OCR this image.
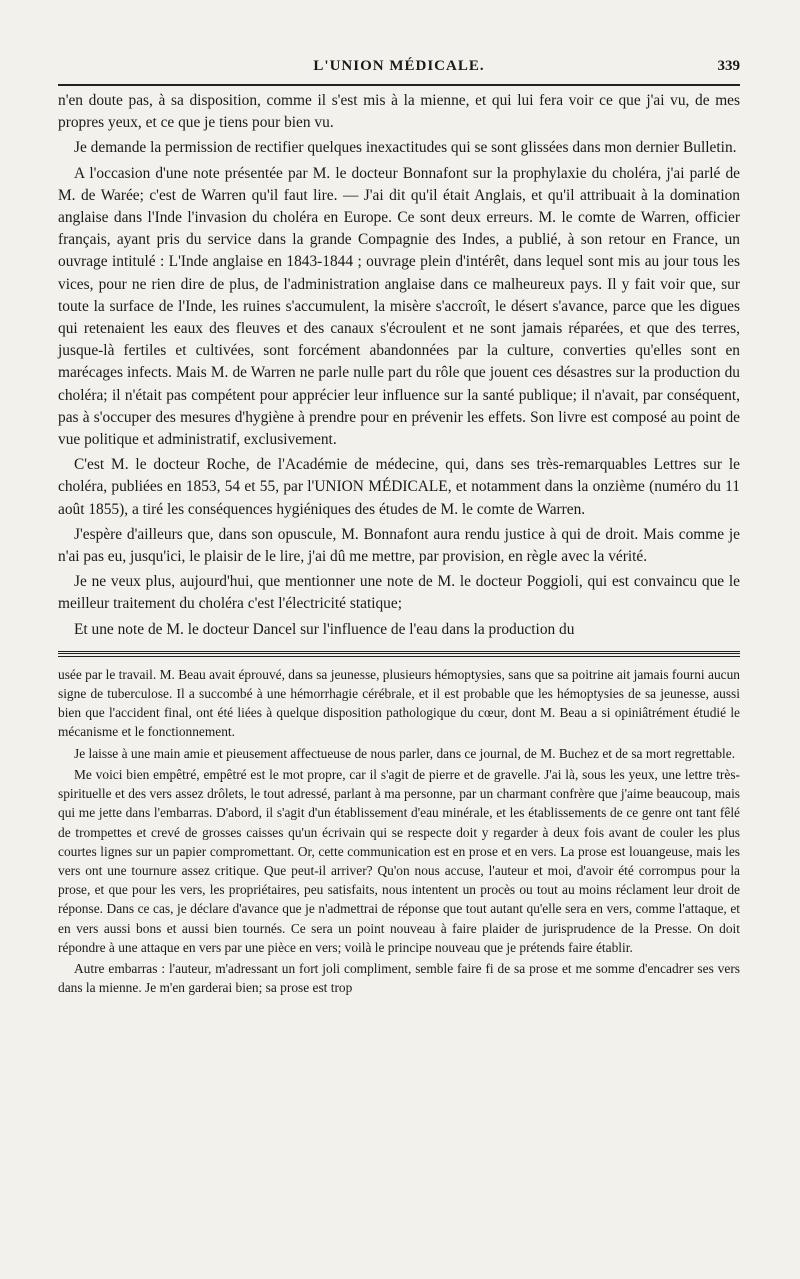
L'UNION MÉDICALE.	339

n'en doute pas, à sa disposition, comme il s'est mis à la mienne, et qui lui fera voir ce que j'ai vu, de mes propres yeux, et ce que je tiens pour bien vu.

Je demande la permission de rectifier quelques inexactitudes qui se sont glissées dans mon dernier Bulletin.

A l'occasion d'une note présentée par M. le docteur Bonnafont sur la prophylaxie du choléra, j'ai parlé de M. de Warée; c'est de Warren qu'il faut lire. — J'ai dit qu'il était Anglais, et qu'il attribuait à la domination anglaise dans l'Inde l'invasion du choléra en Europe. Ce sont deux erreurs. M. le comte de Warren, officier français, ayant pris du service dans la grande Compagnie des Indes, a publié, à son retour en France, un ouvrage intitulé : L'Inde anglaise en 1843-1844 ; ouvrage plein d'intérêt, dans lequel sont mis au jour tous les vices, pour ne rien dire de plus, de l'administration anglaise dans ce malheureux pays. Il y fait voir que, sur toute la surface de l'Inde, les ruines s'accumulent, la misère s'accroît, le désert s'avance, parce que les digues qui retenaient les eaux des fleuves et des canaux s'écroulent et ne sont jamais réparées, et que des terres, jusque-là fertiles et cultivées, sont forcément abandonnées par la culture, converties qu'elles sont en marécages infects. Mais M. de Warren ne parle nulle part du rôle que jouent ces désastres sur la production du choléra; il n'était pas compétent pour apprécier leur influence sur la santé publique; il n'avait, par conséquent, pas à s'occuper des mesures d'hygiène à prendre pour en prévenir les effets. Son livre est composé au point de vue politique et administratif, exclusivement.

C'est M. le docteur Roche, de l'Académie de médecine, qui, dans ses très-remarquables Lettres sur le choléra, publiées en 1853, 54 et 55, par l'UNION MÉDICALE, et notamment dans la onzième (numéro du 11 août 1855), a tiré les conséquences hygiéniques des études de M. le comte de Warren.

J'espère d'ailleurs que, dans son opuscule, M. Bonnafont aura rendu justice à qui de droit. Mais comme je n'ai pas eu, jusqu'ici, le plaisir de le lire, j'ai dû me mettre, par provision, en règle avec la vérité.

Je ne veux plus, aujourd'hui, que mentionner une note de M. le docteur Poggioli, qui est convaincu que le meilleur traitement du choléra c'est l'électricité statique;

Et une note de M. le docteur Dancel sur l'influence de l'eau dans la production du

usée par le travail. M. Beau avait éprouvé, dans sa jeunesse, plusieurs hémoptysies, sans que sa poitrine ait jamais fourni aucun signe de tuberculose. Il a succombé à une hémorrhagie cérébrale, et il est probable que les hémoptysies de sa jeunesse, aussi bien que l'accident final, ont été liées à quelque disposition pathologique du cœur, dont M. Beau a si opiniâtrément étudié le mécanisme et le fonctionnement.

Je laisse à une main amie et pieusement affectueuse de nous parler, dans ce journal, de M. Buchez et de sa mort regrettable.

Me voici bien empêtré, empêtré est le mot propre, car il s'agit de pierre et de gravelle. J'ai là, sous les yeux, une lettre très-spirituelle et des vers assez drôlets, le tout adressé, parlant à ma personne, par un charmant confrère que j'aime beaucoup, mais qui me jette dans l'embarras. D'abord, il s'agit d'un établissement d'eau minérale, et les établissements de ce genre ont tant fêlé de trompettes et crevé de grosses caisses qu'un écrivain qui se respecte doit y regarder à deux fois avant de couler les plus courtes lignes sur un papier compromettant. Or, cette communication est en prose et en vers. La prose est louangeuse, mais les vers ont une tournure assez critique. Que peut-il arriver? Qu'on nous accuse, l'auteur et moi, d'avoir été corrompus pour la prose, et que pour les vers, les propriétaires, peu satisfaits, nous intentent un procès ou tout au moins réclament leur droit de réponse. Dans ce cas, je déclare d'avance que je n'admettrai de réponse que tout autant qu'elle sera en vers, comme l'attaque, et en vers aussi bons et aussi bien tournés. Ce sera un point nouveau à faire plaider de jurisprudence de la Presse. On doit répondre à une attaque en vers par une pièce en vers; voilà le principe nouveau que je prétends faire établir.

Autre embarras : l'auteur, m'adressant un fort joli compliment, semble faire fi de sa prose et me somme d'encadrer ses vers dans la mienne. Je m'en garderai bien; sa prose est trop
